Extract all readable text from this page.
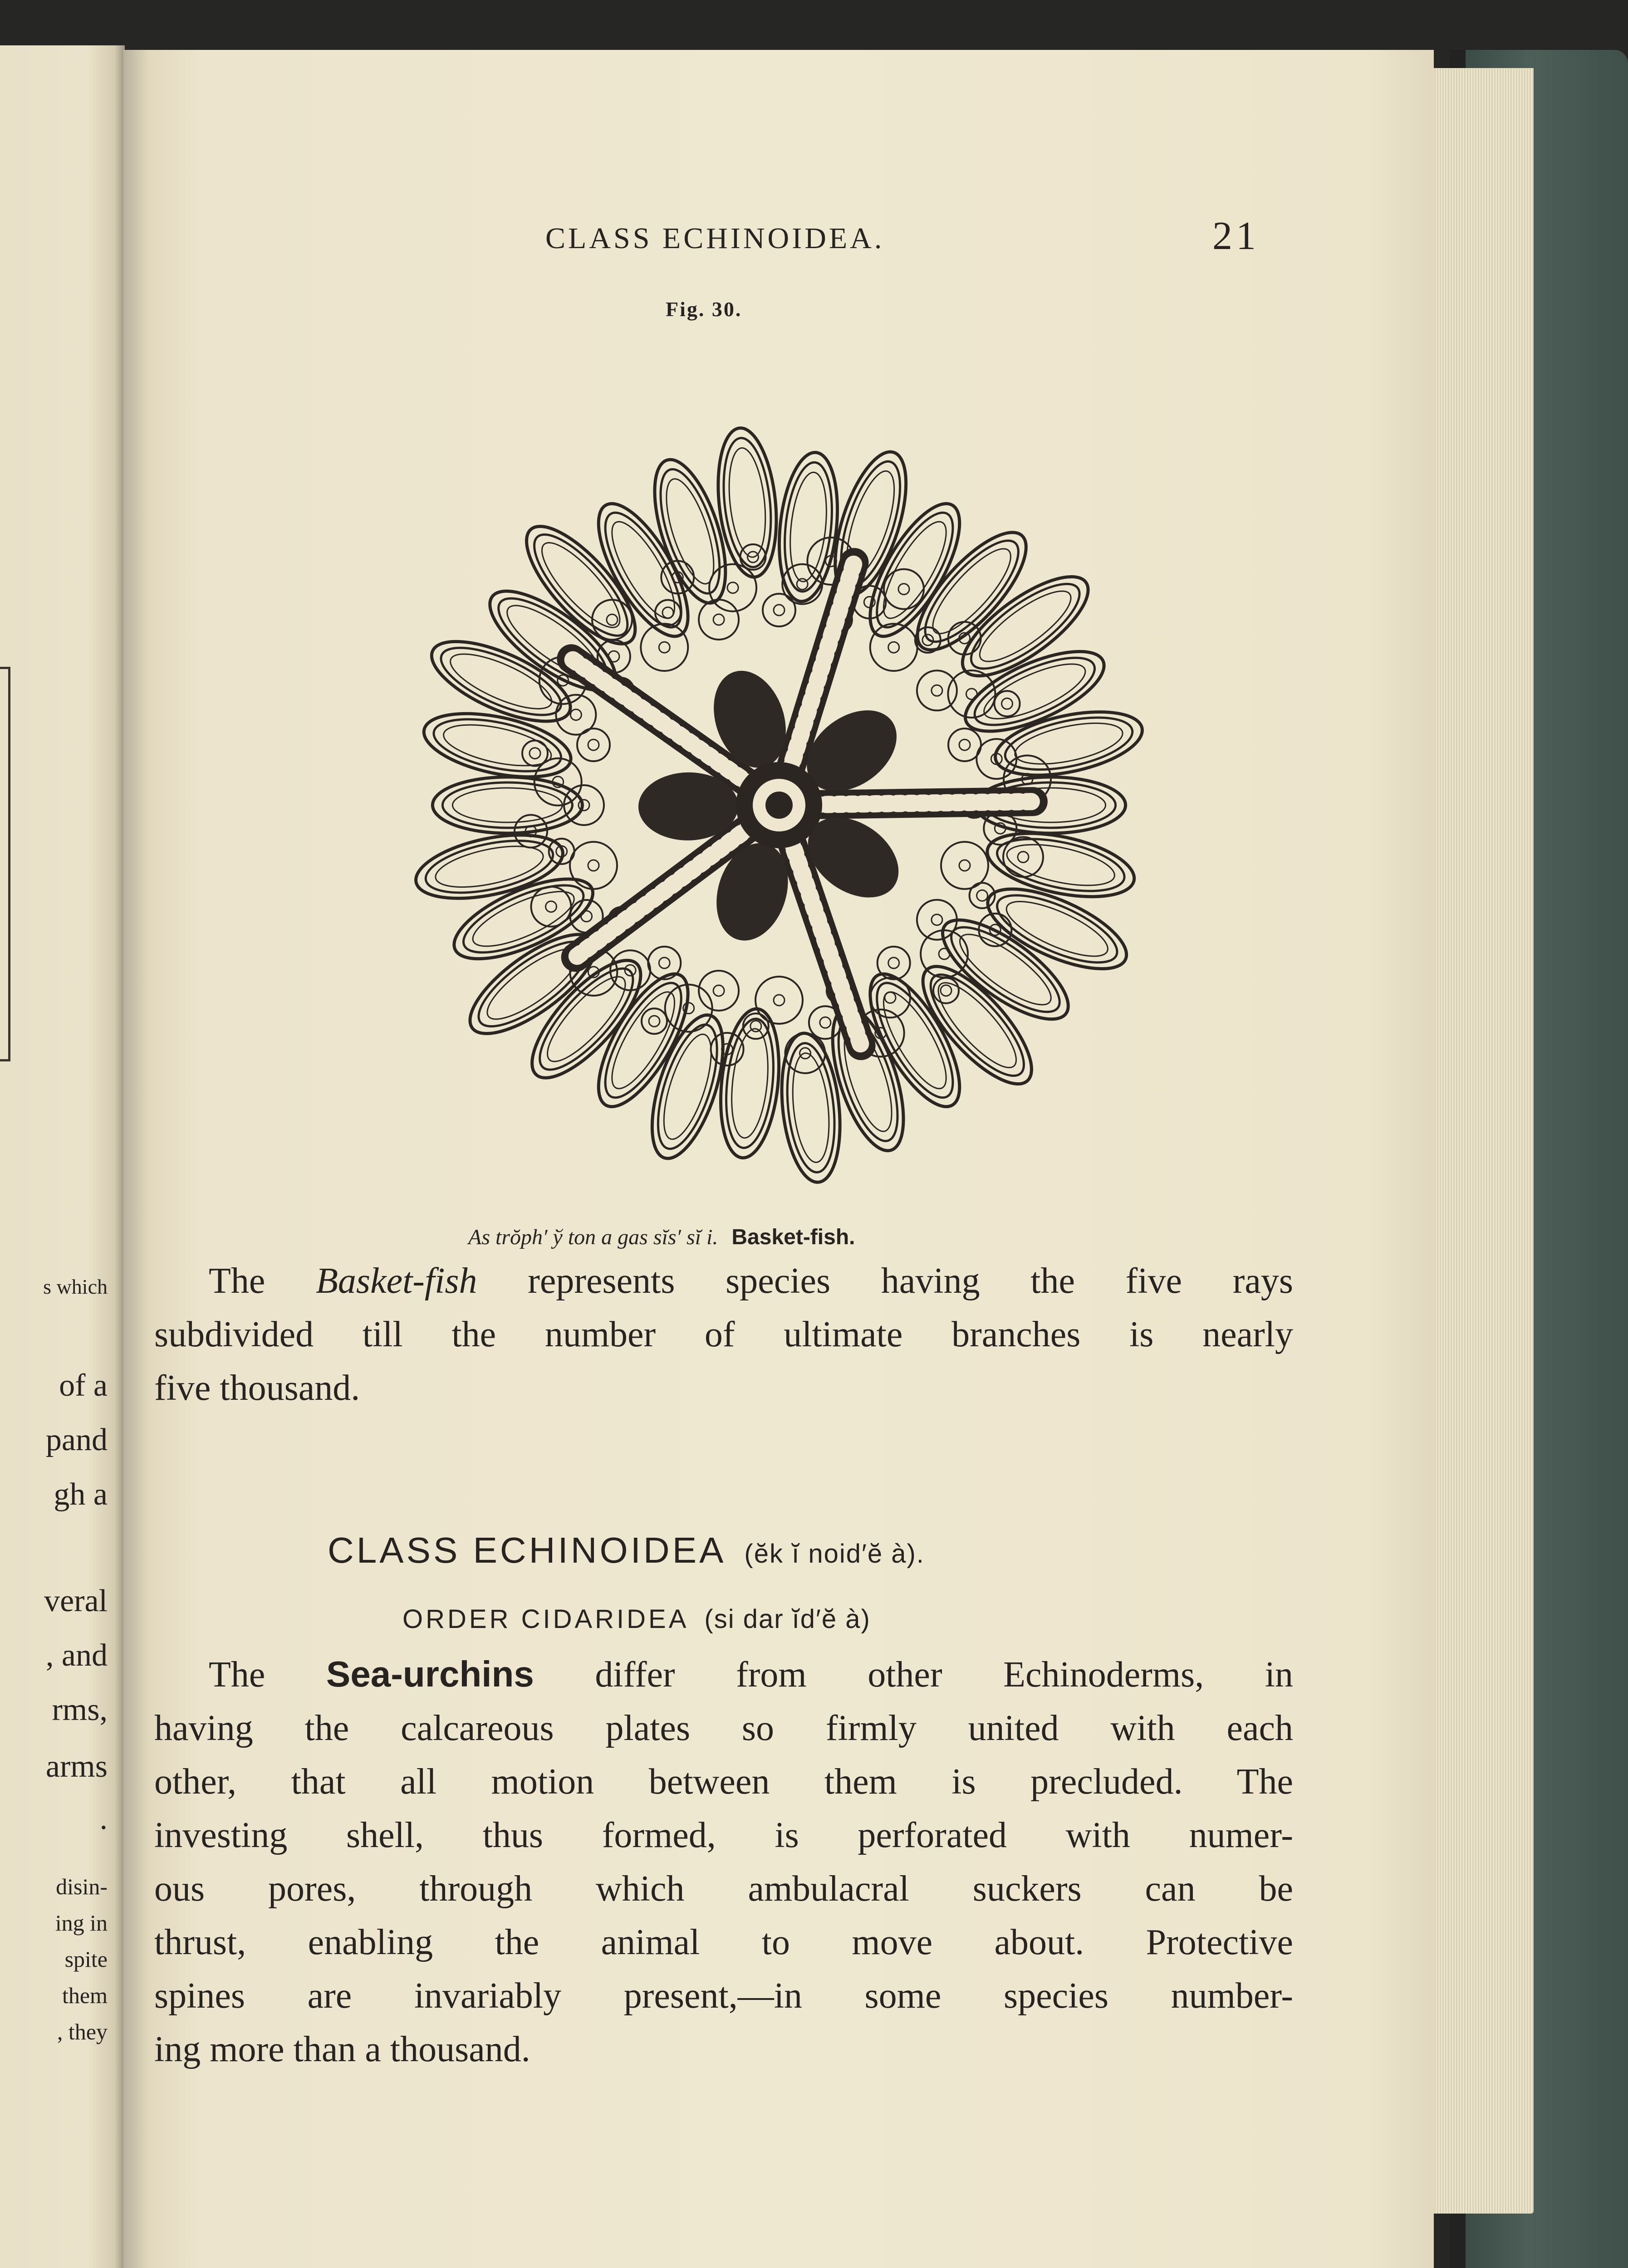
s which
of a
pand
gh a
veral
, and
rms,
arms
.
disin-
ing in
spite
them
, they
CLASS ECHINOIDEA.	21
Fig. 30.
As trŏph′ ў ton a gas sĭs′ sĭ i. Basket-fish.
The Basket-fish represents species having the five rays
subdivided till the number of ultimate branches is nearly
five thousand.
CLASS ECHINOIDEA (ĕk ĭ noid′ĕ à).
ORDER CIDARIDEA (si dar ĭd′ĕ à)
The Sea-urchins differ from other Echinoderms, in
having the calcareous plates so firmly united with each
other, that all motion between them is precluded. The
investing shell, thus formed, is perforated with numer-
ous pores, through which ambulacral suckers can be
thrust, enabling the animal to move about. Protective
spines are invariably present,—in some species number-
ing more than a thousand.
